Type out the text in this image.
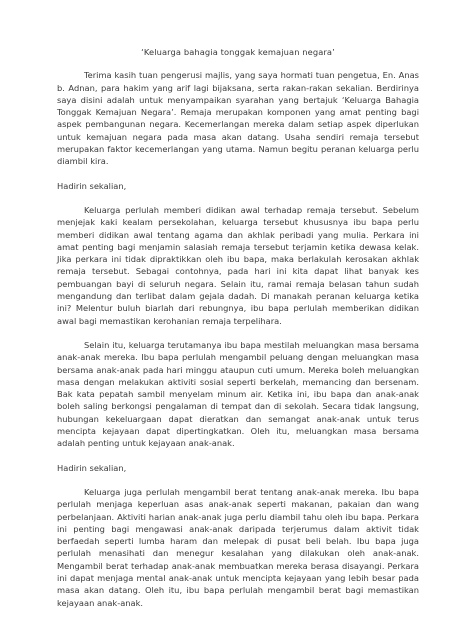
‘Keluarga bahagia tonggak kemajuan negara’

Terima kasih tuan pengerusi majlis, yang saya hormati tuan pengetua, En. Anas b. Adnan, para hakim yang arif lagi bijaksana, serta rakan-rakan sekalian. Berdirinya saya disini adalah untuk menyampaikan syarahan yang bertajuk ‘Keluarga Bahagia Tonggak Kemajuan Negara’. Remaja merupakan komponen yang amat penting bagi aspek pembangunan negara. Kecemerlangan mereka dalam setiap aspek diperlukan untuk kemajuan negara pada masa akan datang. Usaha sendiri remaja tersebut merupakan faktor kecemerlangan yang utama. Namun begitu peranan keluarga perlu diambil kira.

Hadirin sekalian,

Keluarga perlulah memberi didikan awal terhadap remaja tersebut. Sebelum menjejak kaki kealam persekolahan, keluarga tersebut khususnya ibu bapa perlu memberi didikan awal tentang agama dan akhlak peribadi yang mulia. Perkara ini amat penting bagi menjamin salasiah remaja tersebut terjamin ketika dewasa kelak. Jika perkara ini tidak dipraktikkan oleh ibu bapa, maka berlakulah kerosakan akhlak remaja tersebut. Sebagai contohnya, pada hari ini kita dapat lihat banyak kes pembuangan bayi di seluruh negara. Selain itu, ramai remaja belasan tahun sudah mengandung dan terlibat dalam gejala dadah. Di manakah peranan keluarga ketika ini? Melentur buluh biarlah dari rebungnya, ibu bapa perlulah memberikan didikan awal bagi memastikan kerohanian remaja terpelihara.

Selain itu, keluarga terutamanya ibu bapa mestilah meluangkan masa bersama anak-anak mereka. Ibu bapa perlulah mengambil peluang dengan meluangkan masa bersama anak-anak pada hari minggu ataupun cuti umum. Mereka boleh meluangkan masa dengan melakukan aktiviti sosial seperti berkelah, memancing dan bersenam. Bak kata pepatah sambil menyelam minum air. Ketika ini, ibu bapa dan anak-anak boleh saling berkongsi pengalaman di tempat dan di sekolah. Secara tidak langsung, hubungan kekeluargaan dapat dieratkan dan semangat anak-anak untuk terus mencipta kejayaan dapat dipertingkatkan. Oleh itu, meluangkan masa bersama adalah penting untuk kejayaan anak-anak.

Hadirin sekalian,

Keluarga juga perlulah mengambil berat tentang anak-anak mereka. Ibu bapa perlulah menjaga keperluan asas anak-anak seperti makanan, pakaian dan wang perbelanjaan. Aktiviti harian anak-anak juga perlu diambil tahu oleh ibu bapa. Perkara ini penting bagi mengawasi anak-anak daripada terjerumus dalam aktivit tidak berfaedah seperti lumba haram dan melepak di pusat beli belah. Ibu bapa juga perlulah menasihati dan menegur kesalahan yang dilakukan oleh anak-anak. Mengambil berat terhadap anak-anak membuatkan mereka berasa disayangi. Perkara ini dapat menjaga mental anak-anak untuk mencipta kejayaan yang lebih besar pada masa akan datang. Oleh itu, ibu bapa perlulah mengambil berat bagi memastikan kejayaan anak-anak.
